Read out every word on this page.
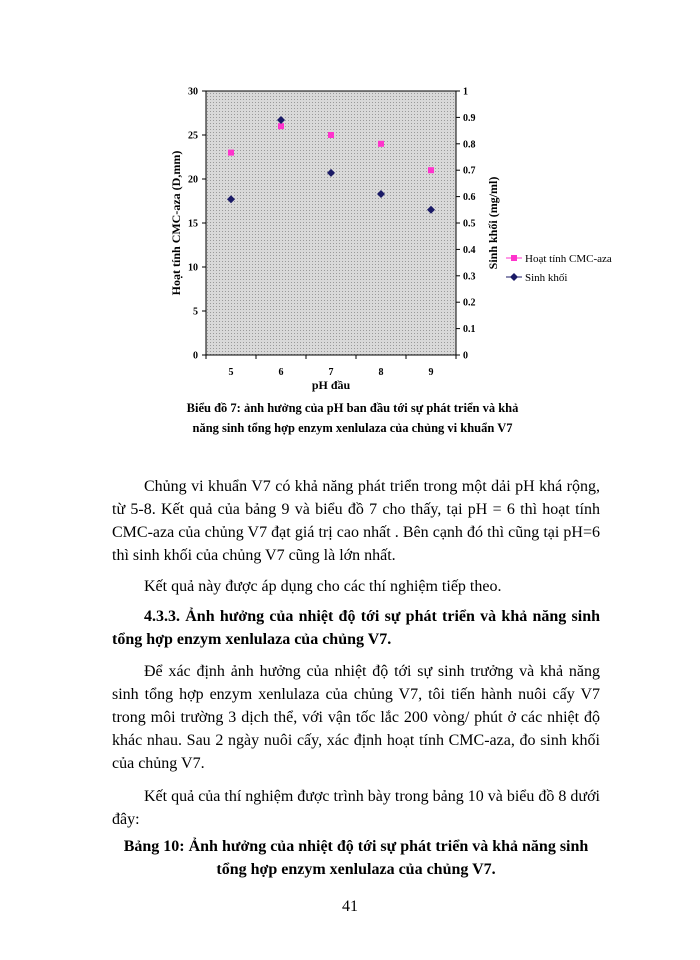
0
5
10
15
20
25
30
0
0.1
0.2
0.3
0.4
0.5
0.6
0.7
0.8
0.9
1
5	6	7	8	9
pH đầu
Hoạt tính CMC-aza (D,mm)	Sinh khối (mg/ml) Hoạt tính CMC-aza
Sinh khối
Biểu đồ 7: ảnh hưởng của pH ban đầu tới sự phát triển và khả
năng sinh tổng hợp enzym xenlulaza của chủng vi khuẩn V7

Chủng vi khuẩn V7 có khả năng phát triển trong một dải pH khá rộng, từ 5-8. Kết quả của bảng 9 và biểu đồ 7 cho thấy, tại pH = 6 thì hoạt tính CMC-aza của chủng V7 đạt giá trị cao nhất . Bên cạnh đó thì cũng tại pH=6 thì sinh khối của chủng V7 cũng là lớn nhất.

Kết quả này được áp dụng cho các thí nghiệm tiếp theo.

4.3.3. Ảnh hưởng của nhiệt độ tới sự phát triển và khả năng sinh tổng hợp enzym xenlulaza của chủng V7.

Để xác định ảnh hưởng của nhiệt độ tới sự sinh trưởng và khả năng sinh tổng hợp enzym xenlulaza của chủng V7, tôi tiến hành nuôi cấy V7 trong môi trường 3 dịch thể, với vận tốc lắc 200 vòng/ phút ở các nhiệt độ khác nhau. Sau 2 ngày nuôi cấy, xác định hoạt tính CMC-aza, đo sinh khối của chủng V7.

Kết quả của thí nghiệm được trình bày trong bảng 10 và biểu đồ 8 dưới đây:

Bảng 10: Ảnh hưởng của nhiệt độ tới sự phát triển và khả năng sinh tổng hợp enzym xenlulaza của chủng V7.

41
